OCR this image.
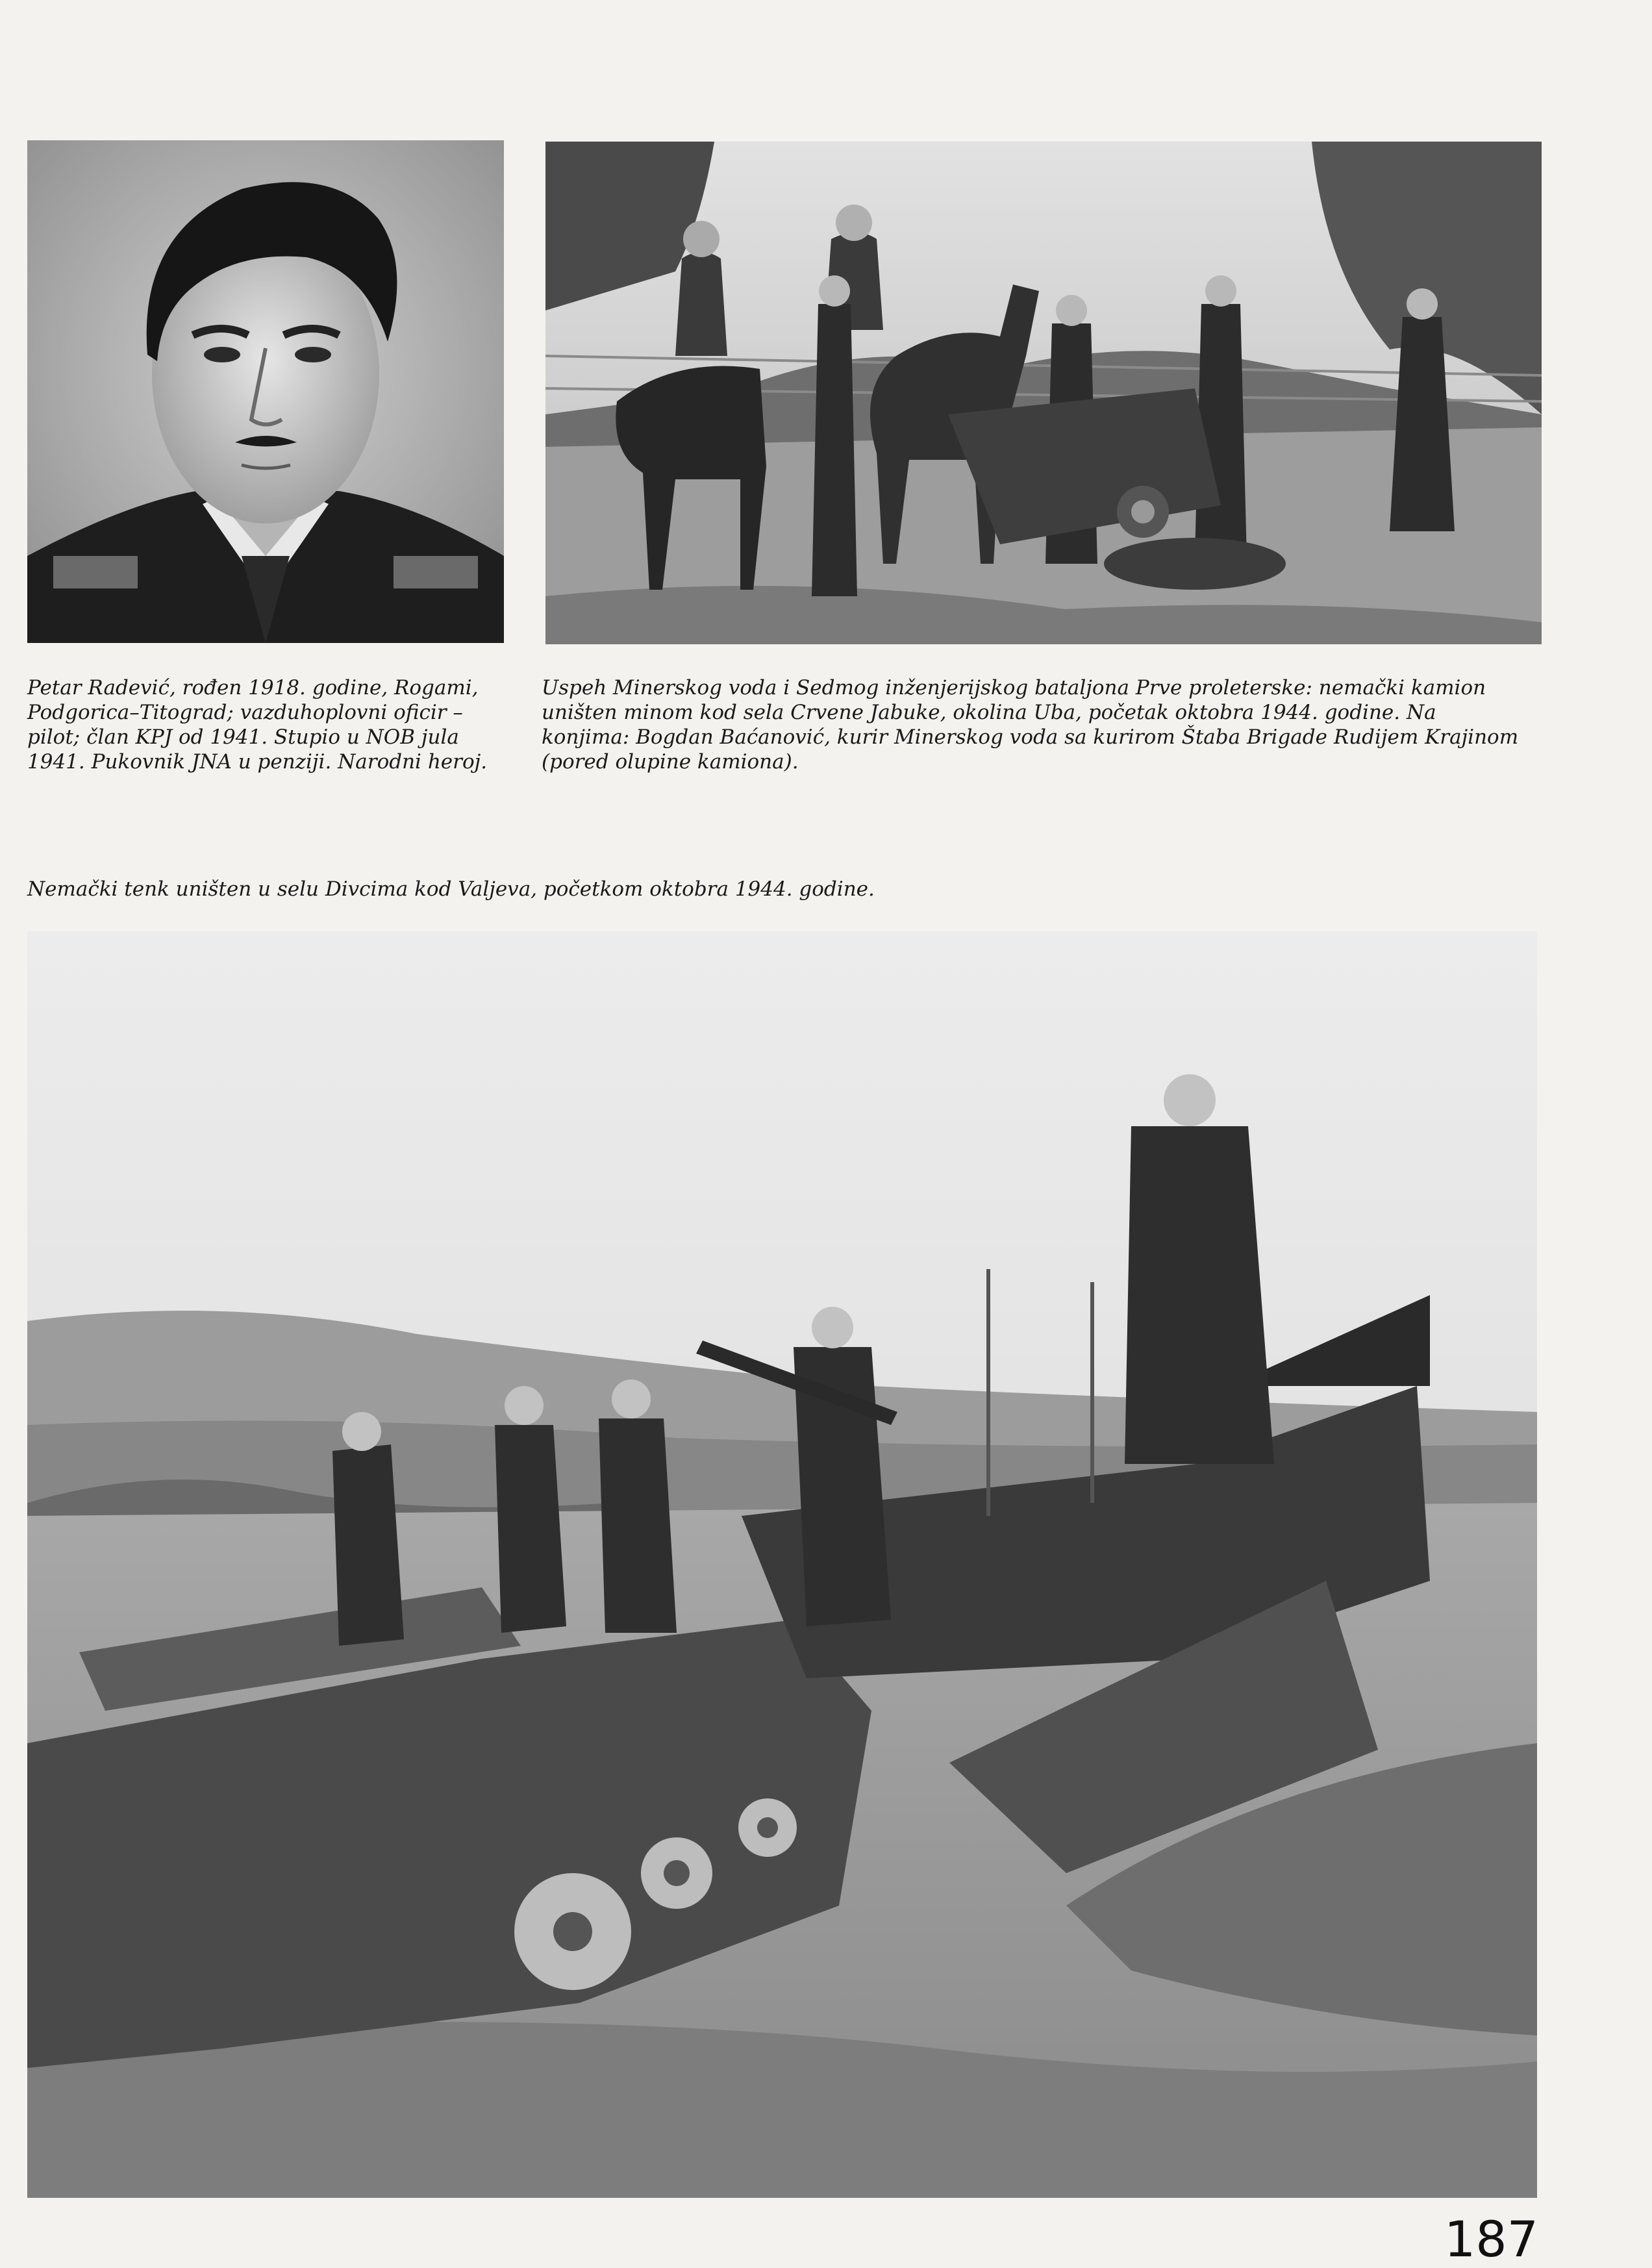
Petar Radević, rođen 1918. godine, Rogami,
Podgorica–Titograd; vazduhoplovni oficir –
pilot; član KPJ od 1941. Stupio u NOB jula
1941. Pukovnik JNA u penziji. Narodni heroj.
Uspeh Minerskog voda i Sedmog inženjerijskog bataljona Prve proleterske: nemački kamion
uništen minom kod sela Crvene Jabuke, okolina Uba, početak oktobra 1944. godine. Na
konjima: Bogdan Baćanović, kurir Minerskog voda sa kurirom Štaba Brigade Rudijem Krajinom
(pored olupine kamiona).

Nemački tenk uništen u selu Divcima kod Valjeva, početkom oktobra 1944. godine.

187
